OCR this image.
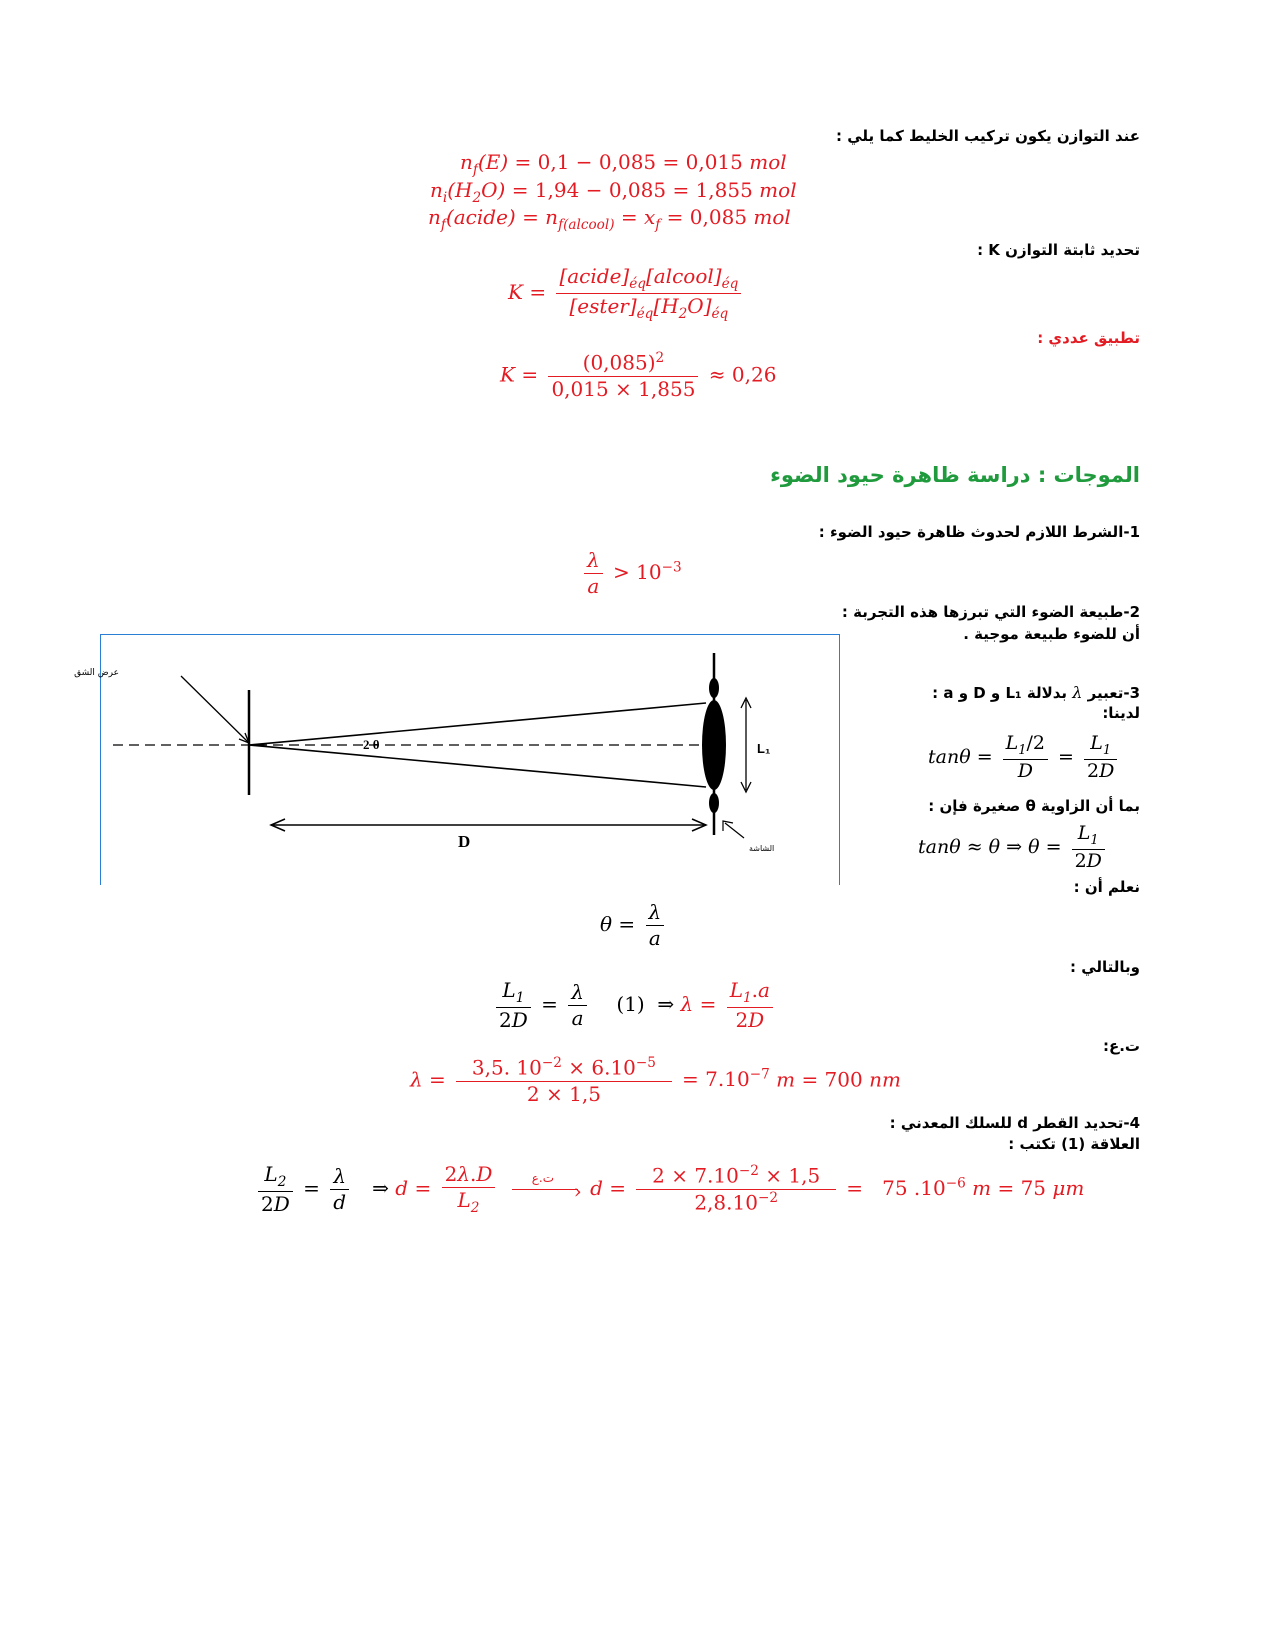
عند التوازن يكون تركيب الخليط كما يلي :
$n_f(E) = 0,1 - 0,085 = 0,015$ mol
$n_i(H_2O) = 1,94 - 0,085 = 1,855$ mol
$n_f(acide) = n_{f(alcool)} = x_f = 0,085$ mol
تحديد ثابتة التوازن K :
$K = \frac{[acide]_{éq}[alcool]_{éq}}{[ester]_{éq}[H_2O]_{éq}}$
تطبيق عددي :
$K = \frac{(0,085)^2}{0,015 \times 1,855} \approx 0,26$
الموجات : دراسة ظاهرة حيود الضوء
1-الشرط اللازم لحدوث ظاهرة حيود الضوء :
$\frac{\lambda}{a} > 10^{-3}$
2-طبيعة الضوء التي تبرزها هذه التجربة :
أن للضوء طبيعة موجية .
L₁
D
2 θ
عرض الشق
الشاشة
3-تعبير λ بدلالة L₁ و D و a :
لدينا:
$\tan\theta = \frac{L_1/2}{D} = \frac{L_1}{2D}$
بما أن الزاوية θ صغيرة فإن :
tanθ ≈ θ ⇒ $\theta = \frac{L_1}{2D}$
نعلم أن :
$\theta = \frac{\lambda}{a}$
وبالتالي :
$\frac{L_1}{2D} = \frac{\lambda}{a} (1)$  ⇒ $\lambda = \frac{L_1.a}{2D}$
ت.ع:
$\lambda = \frac{3,5. 10^{-2} \times 6.10^{-5}}{2 \times 1,5} = 7.10^{-7}$ m = 700 nm
4-تحديد القطر d للسلك المعدني :
العلاقة (1) تكتب :
$\frac{L_2}{2D} = \frac{\lambda}{d}$ ⇒ $d = \frac{2\lambda.D}{L_2}$
	ت.ع
› $d = \frac{2 \times 7.10^{-2} \times 1,5}{2,8.10^{-2}} = 75$ $.10^{-6}$ m = 75 μm
